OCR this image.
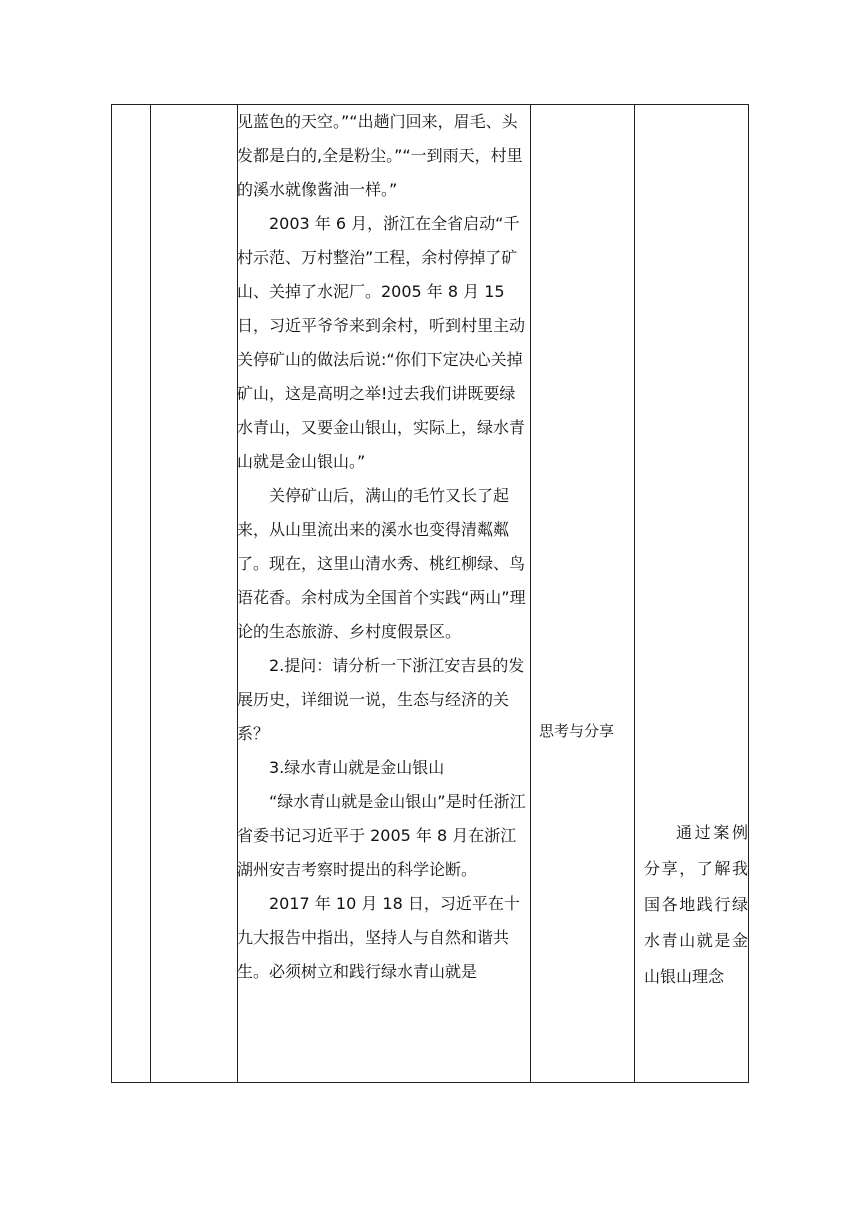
见蓝色的天空。”“出趟门回来，眉毛、头发都是白的,全是粉尘。”“一到雨天，村里的溪水就像酱油一样。”

2003 年 6 月，浙江在全省启动“千村示范、万村整治”工程，余村停掉了矿山、关掉了水泥厂。2005 年 8 月 15 日，习近平爷爷来到余村，听到村里主动关停矿山的做法后说:“你们下定决心关掉矿山，这是高明之举!过去我们讲既要绿水青山，又要金山银山，实际上，绿水青山就是金山银山。”

关停矿山后，满山的毛竹又长了起来，从山里流出来的溪水也变得清粼粼了。现在，这里山清水秀、桃红柳绿、鸟语花香。余村成为全国首个实践“两山”理论的生态旅游、乡村度假景区。

2.提问：请分析一下浙江安吉县的发展历史，详细说一说，生态与经济的关系？

3.绿水青山就是金山银山

“绿水青山就是金山银山”是时任浙江省委书记习近平于 2005 年 8 月在浙江湖州安吉考察时提出的科学论断。

2017 年 10 月 18 日，习近平在十九大报告中指出，坚持人与自然和谐共生。必须树立和践行绿水青山就是

思考与分享
通过案例分享，了解我国各地践行绿水青山就是金山银山理念
